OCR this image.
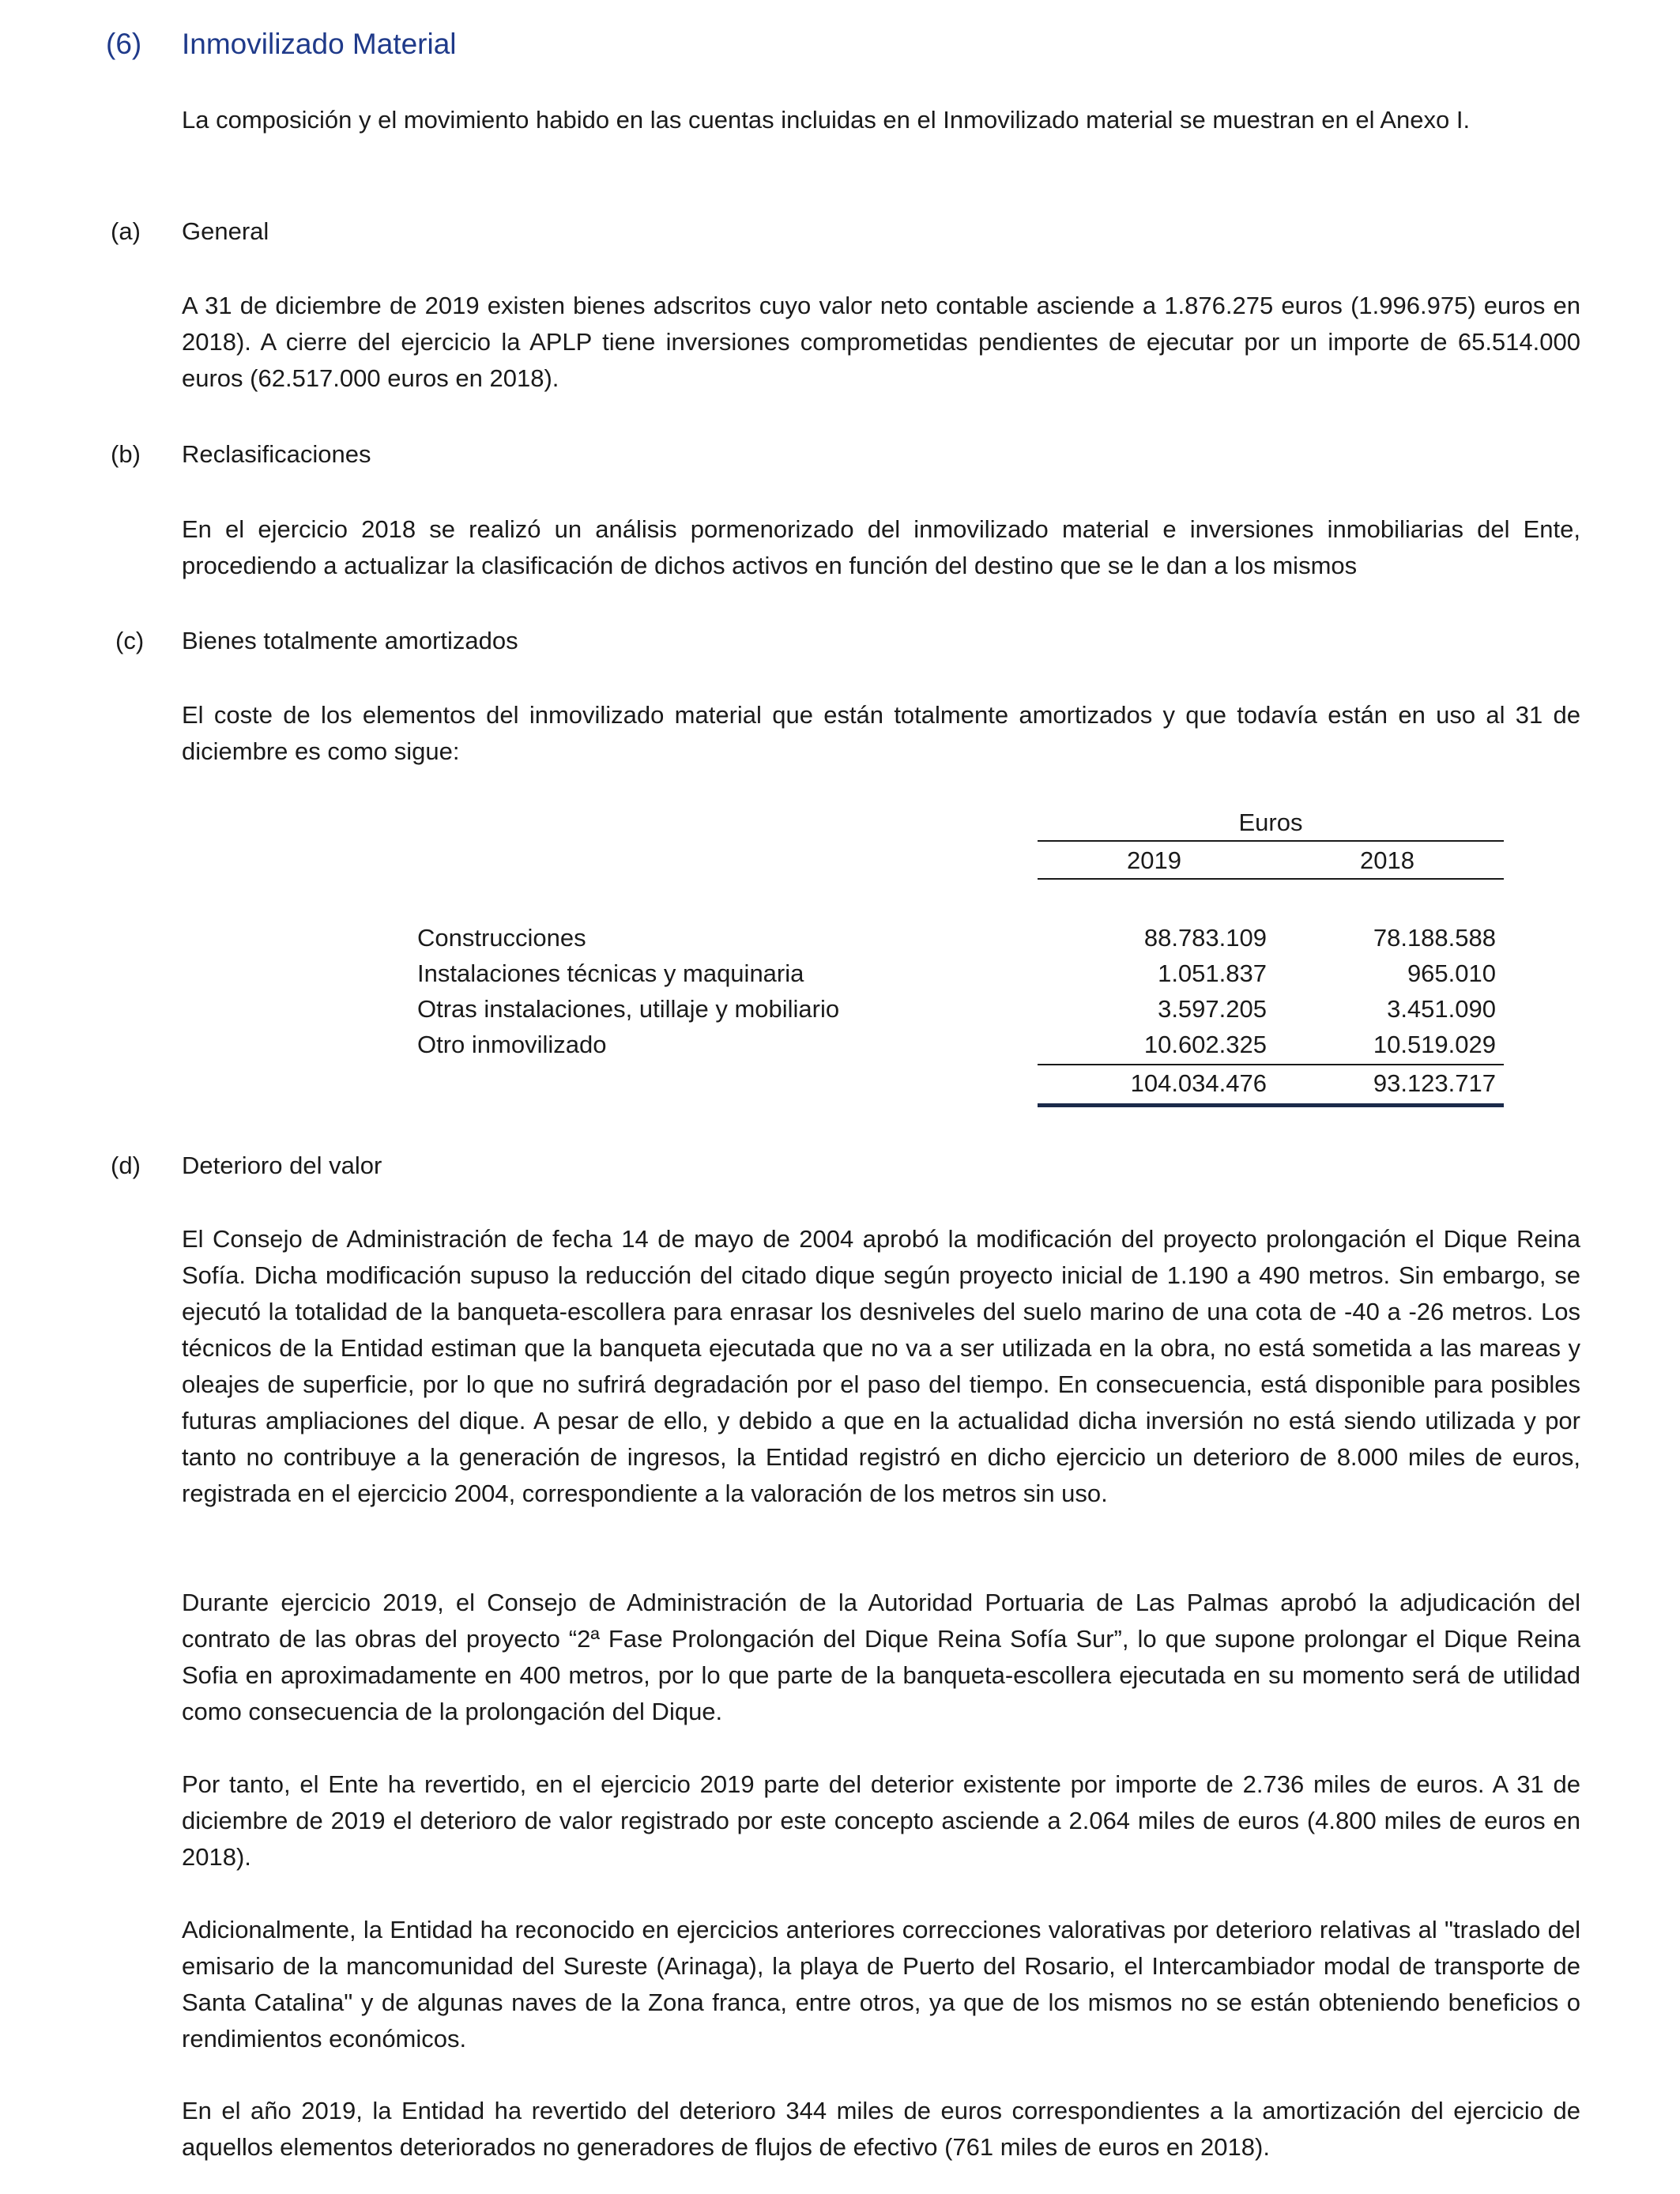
(6) Inmovilizado Material

La composición y el movimiento habido en las cuentas incluidas en el Inmovilizado material se muestran en el Anexo I.

(a) General

A 31 de diciembre de 2019 existen bienes adscritos cuyo valor neto contable asciende a 1.876.275 euros (1.996.975) euros en 2018). A cierre del ejercicio la APLP tiene inversiones comprometidas pendientes de ejecutar por un importe de 65.514.000 euros (62.517.000 euros en 2018).

(b) Reclasificaciones

En el ejercicio 2018 se realizó un análisis pormenorizado del inmovilizado material e inversiones inmobiliarias del Ente, procediendo a actualizar la clasificación de dichos activos en función del destino que se le dan a los mismos

(c) Bienes totalmente amortizados

El coste de los elementos del inmovilizado material que están totalmente amortizados y que todavía están en uso al 31 de diciembre es como sigue:

Euros
2019	2018
Construcciones	88.783.109	78.188.588
Instalaciones técnicas y maquinaria	1.051.837	965.010
Otras instalaciones, utillaje y mobiliario	3.597.205	3.451.090
Otro inmovilizado	10.602.325	10.519.029
104.034.476	93.123.717
(d) Deterioro del valor

El Consejo de Administración de fecha 14 de mayo de 2004 aprobó la modificación del proyecto prolongación el Dique Reina Sofía. Dicha modificación supuso la reducción del citado dique según proyecto inicial de 1.190 a 490 metros. Sin embargo, se ejecutó la totalidad de la banqueta-escollera para enrasar los desniveles del suelo marino de una cota de -40 a -26 metros. Los técnicos de la Entidad estiman que la banqueta ejecutada que no va a ser utilizada en la obra, no está sometida a las mareas y oleajes de superficie, por lo que no sufrirá degradación por el paso del tiempo. En consecuencia, está disponible para posibles futuras ampliaciones del dique. A pesar de ello, y debido a que en la actualidad dicha inversión no está siendo utilizada y por tanto no contribuye a la generación de ingresos, la Entidad registró en dicho ejercicio un deterioro de 8.000 miles de euros, registrada en el ejercicio 2004, correspondiente a la valoración de los metros sin uso.

Durante ejercicio 2019, el Consejo de Administración de la Autoridad Portuaria de Las Palmas aprobó la adjudicación del contrato de las obras del proyecto “2ª Fase Prolongación del Dique Reina Sofía Sur”, lo que supone prolongar el Dique Reina Sofia en aproximadamente en 400 metros, por lo que parte de la banqueta-escollera ejecutada en su momento será de utilidad como consecuencia de la prolongación del Dique.

Por tanto, el Ente ha revertido, en el ejercicio 2019 parte del deterior existente por importe de 2.736 miles de euros. A 31 de diciembre de 2019 el deterioro de valor registrado por este concepto asciende a 2.064 miles de euros (4.800 miles de euros en 2018).

Adicionalmente, la Entidad ha reconocido en ejercicios anteriores correcciones valorativas por deterioro relativas al "traslado del emisario de la mancomunidad del Sureste (Arinaga), la playa de Puerto del Rosario, el Intercambiador modal de transporte de Santa Catalina" y de algunas naves de la Zona franca, entre otros, ya que de los mismos no se están obteniendo beneficios o rendimientos económicos.

En el año 2019, la Entidad ha revertido del deterioro 344 miles de euros correspondientes a la amortización del ejercicio de aquellos elementos deteriorados no generadores de flujos de efectivo (761 miles de euros en 2018).
